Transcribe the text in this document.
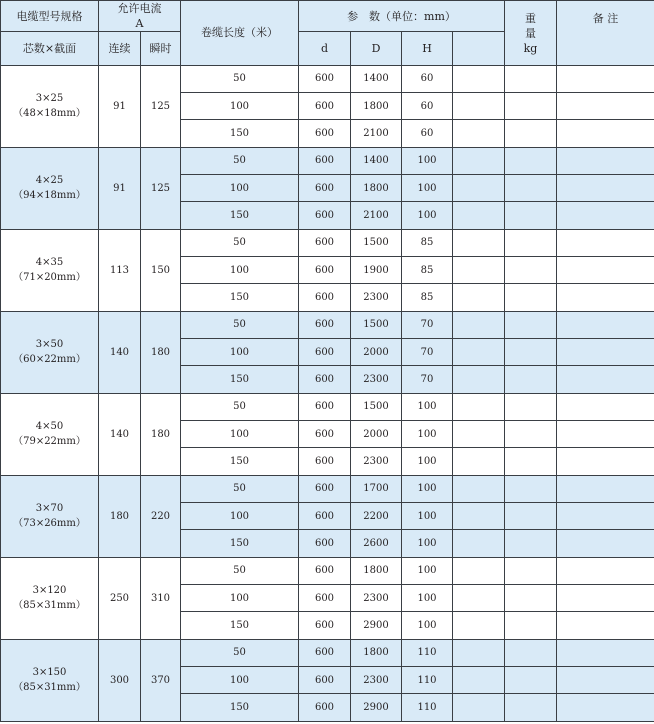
电缆型号规格	允许电流
A		卷缆长度（米）	参　数（单位：mm）				重
量
kg	备 注
芯数×截面	连续	瞬时		d	D	H			

3×25
（48×18mm）	91	125	50	600	1400	60			
			100	600	1800	60			
			150	600	2100	60			

4×25
（94×18mm）	91	125	50	600	1400	100			
			100	600	1800	100			
			150	600	2100	100			

4×35
（71×20mm）	113	150	50	600	1500	85			
			100	600	1900	85			
			150	600	2300	85			

3×50
（60×22mm）	140	180	50	600	1500	70			
			100	600	2000	70			
			150	600	2300	70			

4×50
（79×22mm）	140	180	50	600	1500	100			
			100	600	2000	100			
			150	600	2300	100			

3×70
（73×26mm）	180	220	50	600	1700	100			
			100	600	2200	100			
			150	600	2600	100			

3×120
（85×31mm）	250	310	50	600	1800	100			
			100	600	2300	100			
			150	600	2900	100			

3×150
（85×31mm）	300	370	50	600	1800	110			
			100	600	2300	110			
			150	600	2900	110			
